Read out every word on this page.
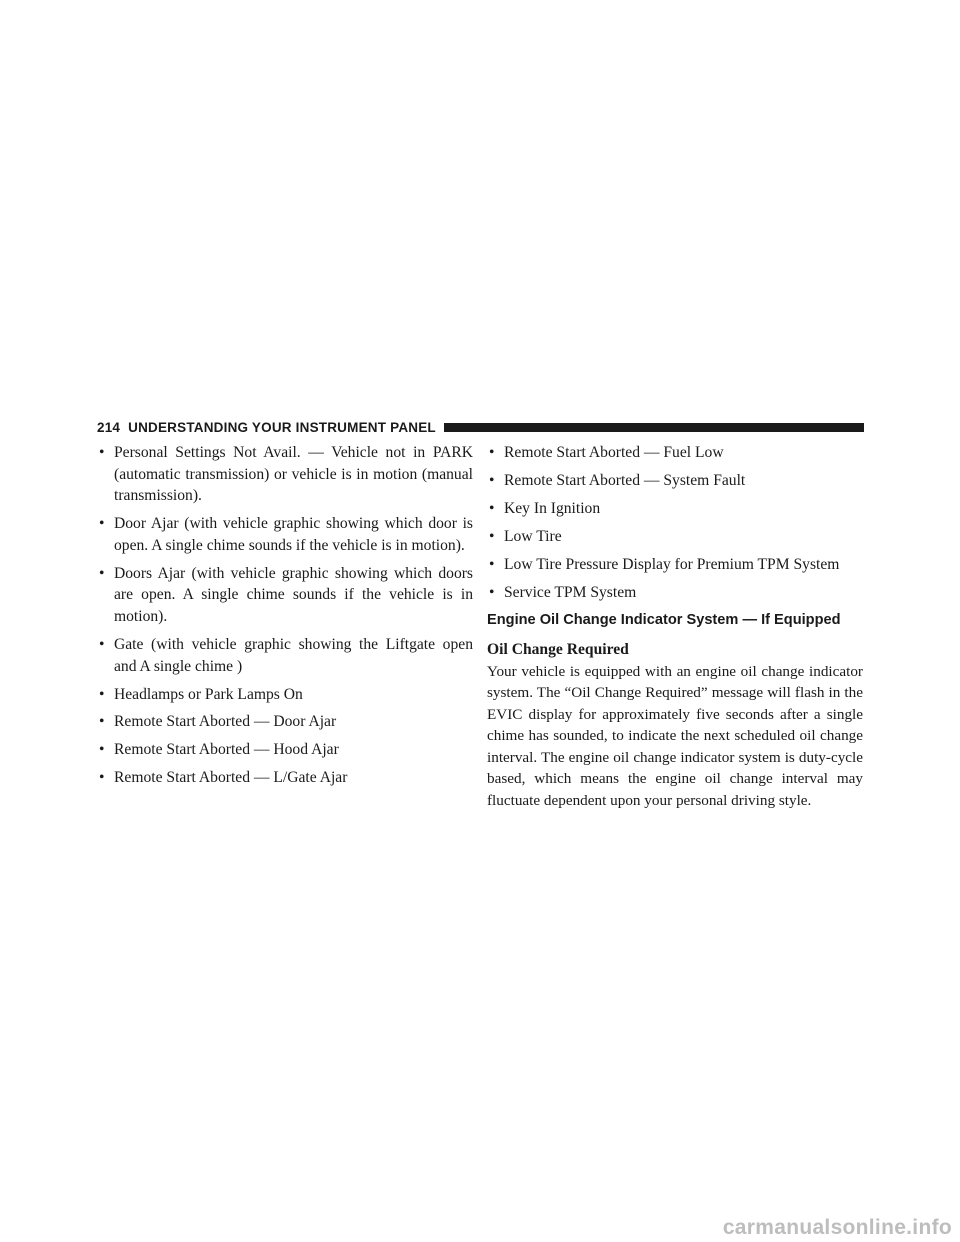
214 UNDERSTANDING YOUR INSTRUMENT PANEL
• Personal Settings Not Avail. — Vehicle not in PARK (automatic transmission) or vehicle is in motion (manual transmission).
• Door Ajar (with vehicle graphic showing which door is open. A single chime sounds if the vehicle is in motion).
• Doors Ajar (with vehicle graphic showing which doors are open. A single chime sounds if the vehicle is in motion).
• Gate (with vehicle graphic showing the Liftgate open and A single chime )
• Headlamps or Park Lamps On
• Remote Start Aborted — Door Ajar
• Remote Start Aborted — Hood Ajar
• Remote Start Aborted — L/Gate Ajar
• Remote Start Aborted — Fuel Low
• Remote Start Aborted — System Fault
• Key In Ignition
• Low Tire
• Low Tire Pressure Display for Premium TPM System
• Service TPM System
Engine Oil Change Indicator System — If Equipped
Oil Change Required

Your vehicle is equipped with an engine oil change indicator system. The “Oil Change Required” message will flash in the EVIC display for approximately five seconds after a single chime has sounded, to indicate the next scheduled oil change interval. The engine oil change indicator system is duty-cycle based, which means the engine oil change interval may fluctuate dependent upon your personal driving style.

carmanualsonline.info
